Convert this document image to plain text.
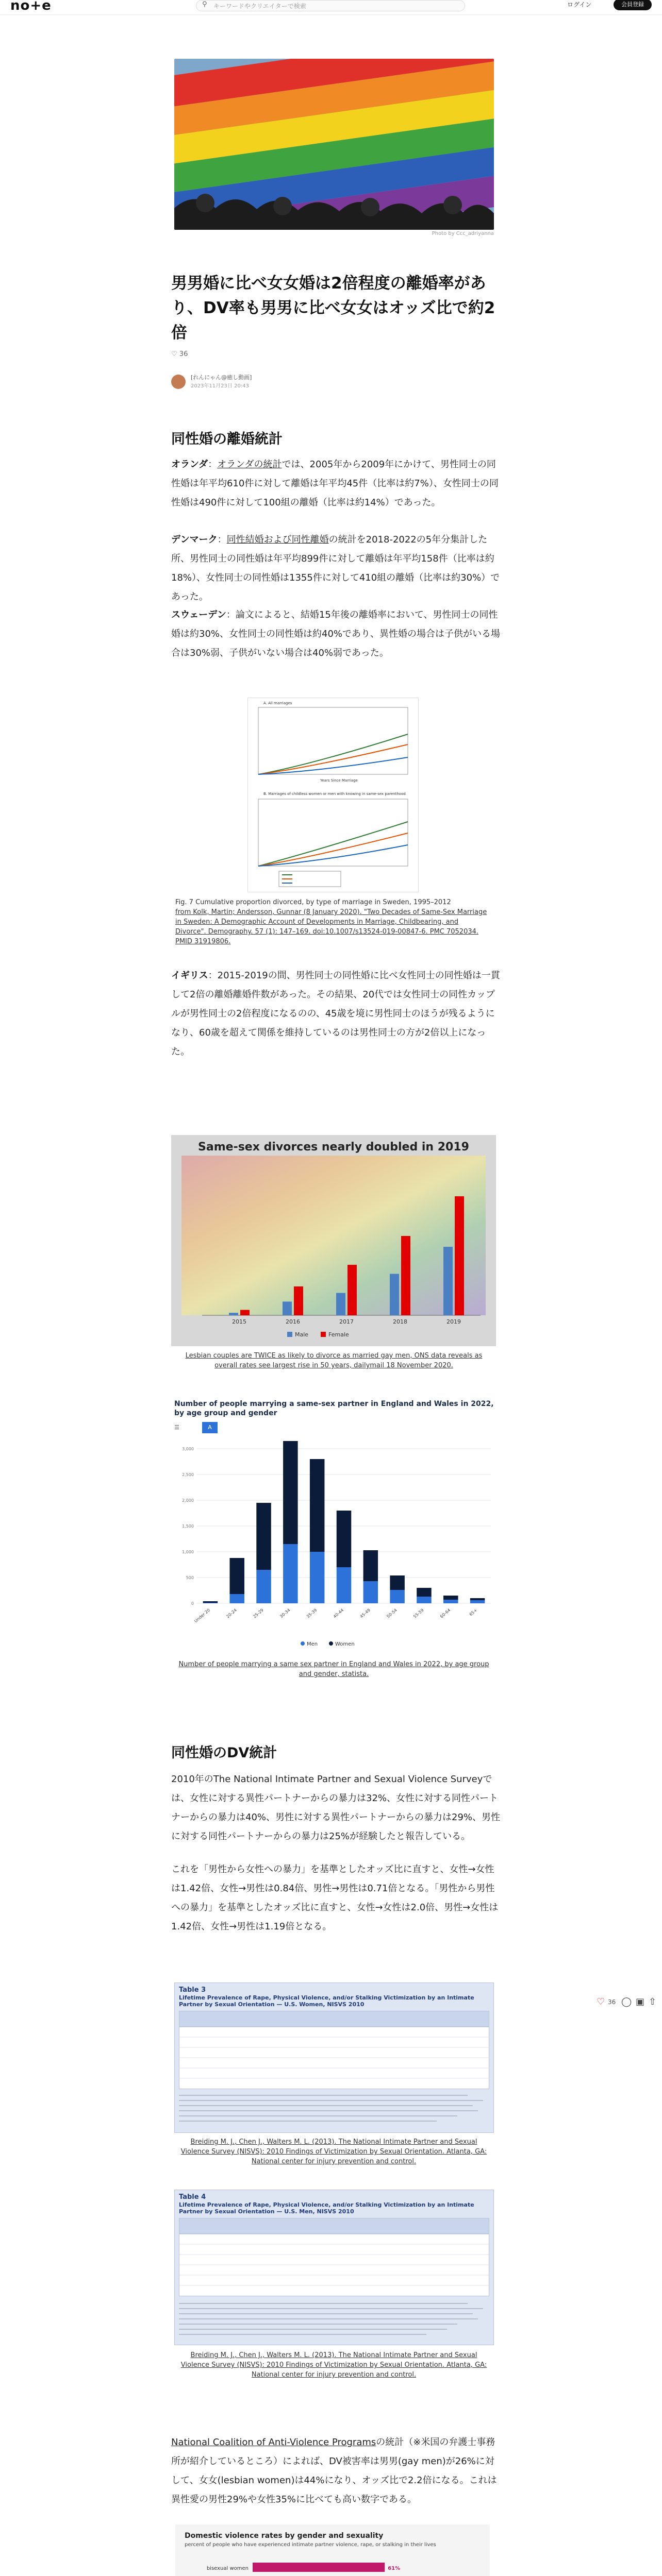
no+e	⚲ キーワードやクリエイターで検索	ログイン	会員登録
Photo by Ccc_adriyanna
男男婚に比べ女女婚は2倍程度の離婚率があり、DV率も男男に比べ女女はオッズ比で約2倍
♡ 36
[れんにゃん@癒し動画]
2023年11月23日 20:43
同性婚の離婚統計
オランダ：オランダの統計では、2005年から2009年にかけて、男性同士の同性婚は年平均610件に対して離婚は年平均45件（比率は約7%）、女性同士の同性婚は490件に対して100組の離婚（比率は約14%）であった。
デンマーク：同性結婚および同性離婚の統計を2018-2022の5年分集計した所、男性同士の同性婚は年平均899件に対して離婚は年平均158件（比率は約18%）、女性同士の同性婚は1355件に対して410組の離婚（比率は約30%）であった。
スウェーデン：論文によると、結婚15年後の離婚率において、男性同士の同性婚は約30%、女性同士の同性婚は約40%であり、異性婚の場合は子供がいる場合は30%弱、子供がいない場合は40%弱であった。
A. All marriages
Years Since Marriage
B. Marriages of childless women or men with knowing in same-sex parenthood
Fig. 7 Cumulative proportion divorced, by type of marriage in Sweden, 1995–2012
from Kolk, Martin; Andersson, Gunnar (8 January 2020). "Two Decades of Same-Sex Marriage in Sweden: A Demographic Account of Developments in Marriage, Childbearing, and Divorce". Demography. 57 (1): 147–169. doi:10.1007/s13524-019-00847-6. PMC 7052034. PMID 31919806.
イギリス：2015-2019の間、男性同士の同性婚に比べ女性同士の同性婚は一貫して2倍の離婚離婚件数があった。その結果、20代では女性同士の同性カップルが男性同士の2倍程度になるのの、45歳を境に男性同士のほうが残るようになり、60歳を超えて関係を維持しているのは男性同士の方が2倍以上になった。
Same-sex divorces nearly doubled in 2019
2015	2016	2017	2018	2019
Male	Female
Lesbian couples are TWICE as likely to divorce as married gay men, ONS data reveals as overall rates see largest rise in 50 years, dailymail 18 November 2020.
Number of people marrying a same-sex partner in England and Wales in 2022, by age group and gender
☰	A
0
500
1,000
1,500
2,000
2,500
3,000
Under 20	20-24	25-29	30-34	35-39	40-44	45-49	50-54	55-59	60-64	65+
Men	Women
Number of people marrying a same sex partner in England and Wales in 2022, by age group and gender, statista.
同性婚のDV統計
2010年のThe National Intimate Partner and Sexual Violence Surveyでは、女性に対する異性パートナーからの暴力は32%、女性に対する同性パートナーからの暴力は40%、男性に対する異性パートナーからの暴力は29%、男性に対する同性パートナーからの暴力は25%が経験したと報告している。
これを「男性から女性への暴力」を基準としたオッズ比に直すと、女性→女性は1.42倍、女性→男性は0.84倍、男性→男性は0.71倍となる。「男性から男性への暴力」を基準としたオッズ比に直すと、女性→女性は2.0倍、男性→女性は1.42倍、女性→男性は1.19倍となる。
Table 3
Lifetime Prevalence of Rape, Physical Violence, and/or Stalking Victimization by an Intimate Partner by Sexual Orientation — U.S. Women, NISVS 2010
Breiding M. J., Chen J., Walters M. L. (2013). The National Intimate Partner and Sexual Violence Survey (NISVS): 2010 Findings of Victimization by Sexual Orientation. Atlanta, GA: National center for injury prevention and control.
Table 4
Lifetime Prevalence of Rape, Physical Violence, and/or Stalking Victimization by an Intimate Partner by Sexual Orientation — U.S. Men, NISVS 2010
Breiding M. J., Chen J., Walters M. L. (2013). The National Intimate Partner and Sexual Violence Survey (NISVS): 2010 Findings of Victimization by Sexual Orientation. Atlanta, GA: National center for injury prevention and control.
National Coalition of Anti-Violence Programsの統計（※米国の弁護士事務所が紹介しているところ）によれば、DV被害率は男男(gay men)が26%に対して、女女(lesbian women)は44%になり、オッズ比で2.2倍になる。これは異性愛の男性29%や女性35%に比べても高い数字である。
Domestic violence rates by gender and sexuality
percent of people who have experienced intimate partner violence, rape, or stalking in their lives
bisexual women	61%
♡ 36 ◯ ▣ ⇧
